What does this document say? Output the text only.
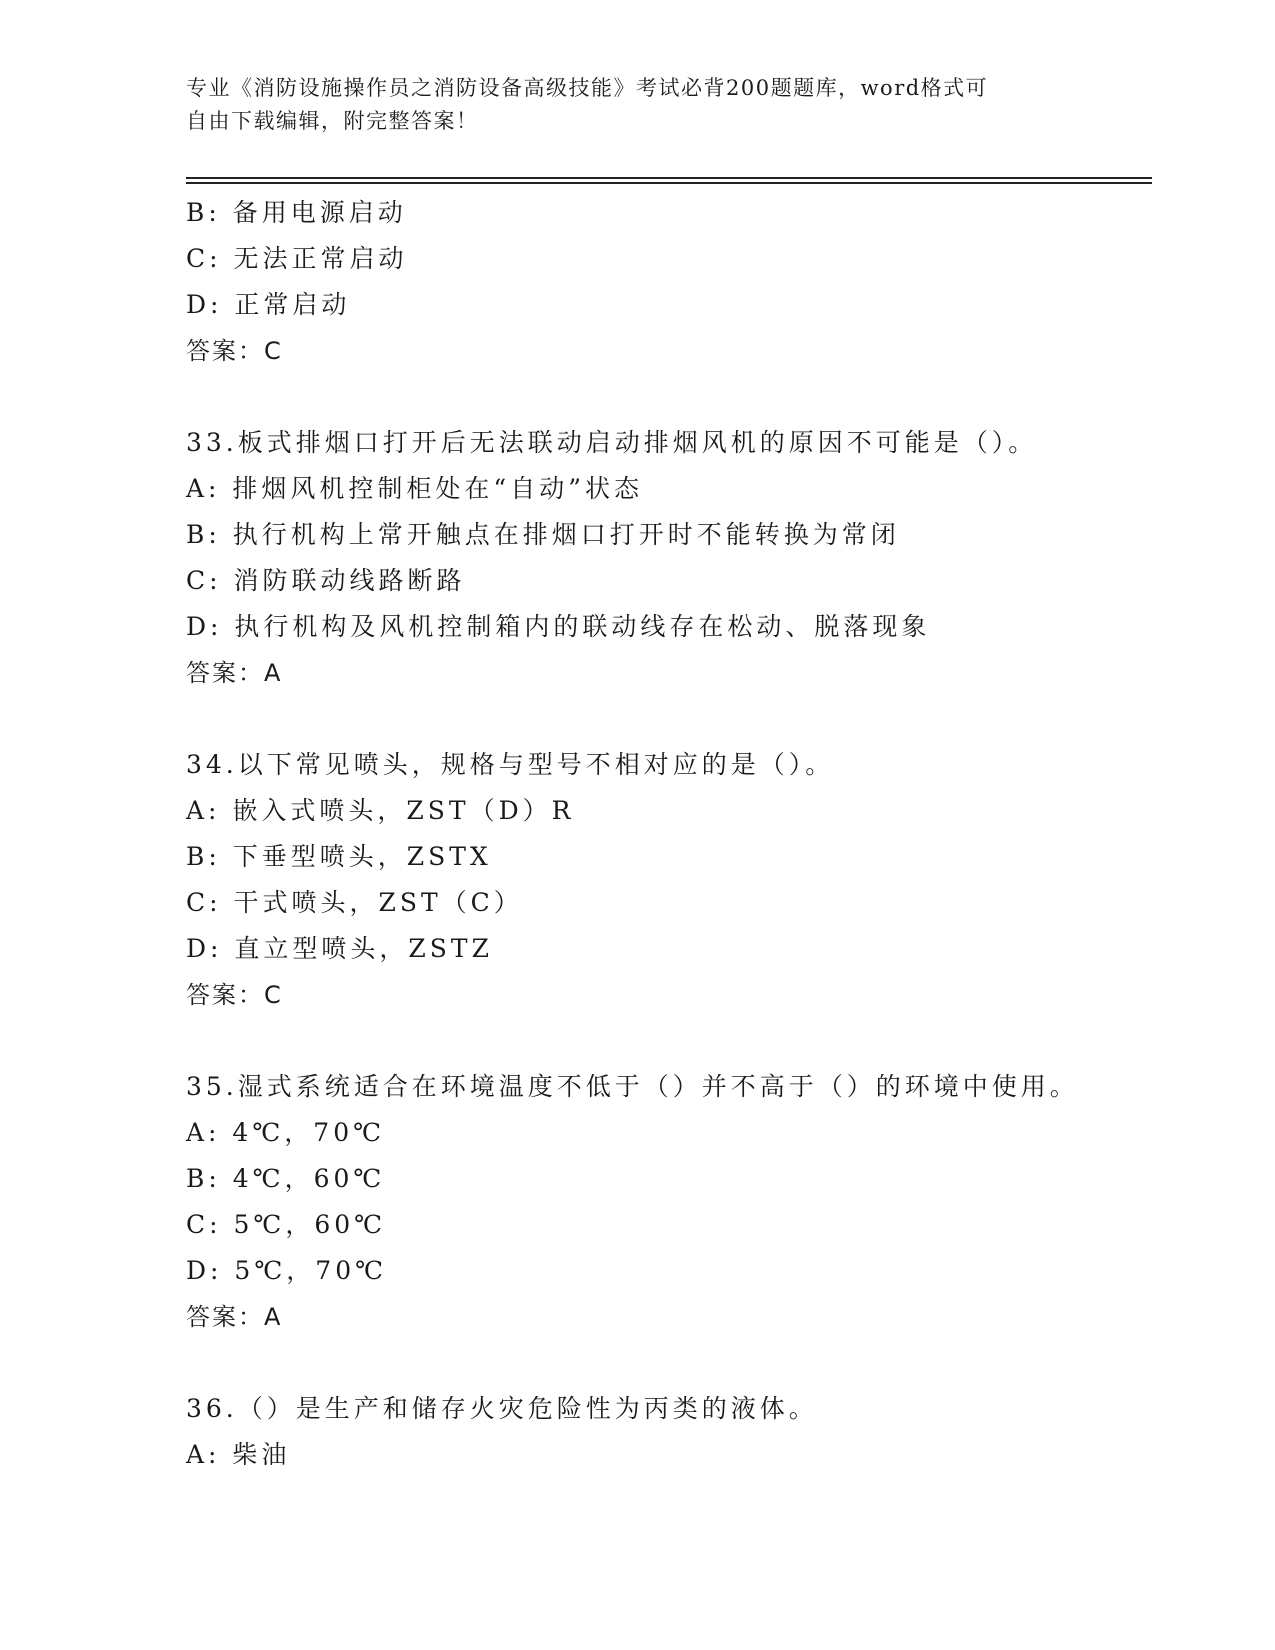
专业《消防设施操作员之消防设备高级技能》考试必背200题题库，word格式可
自由下载编辑，附完整答案！
B: 备用电源启动
C: 无法正常启动
D: 正常启动
答案：C
33.板式排烟口打开后无法联动启动排烟风机的原因不可能是（）。
A: 排烟风机控制柜处在“自动”状态
B: 执行机构上常开触点在排烟口打开时不能转换为常闭
C: 消防联动线路断路
D: 执行机构及风机控制箱内的联动线存在松动、脱落现象
答案：A
34.以下常见喷头，规格与型号不相对应的是（）。
A: 嵌入式喷头，ZST（D）R
B: 下垂型喷头，ZSTX
C: 干式喷头，ZST（C）
D: 直立型喷头，ZSTZ
答案：C
35.湿式系统适合在环境温度不低于（）并不高于（）的环境中使用。
A: 4℃，70℃
B: 4℃，60℃
C: 5℃，60℃
D: 5℃，70℃
答案：A
36.（）是生产和储存火灾危险性为丙类的液体。
A: 柴油
